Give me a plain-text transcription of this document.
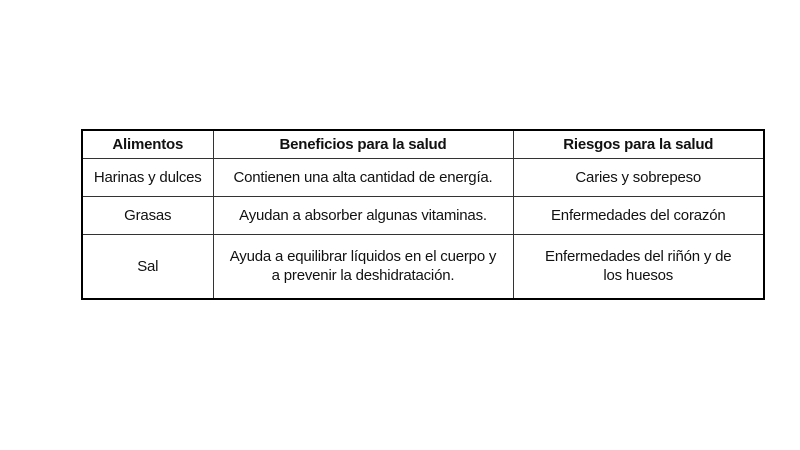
Alimentos	Beneficios para la salud	Riesgos para la salud
Harinas y dulces	Contienen una alta cantidad de energía.	Caries y sobrepeso
Grasas	Ayudan a absorber algunas vitaminas.	Enfermedades del corazón
Sal	Ayuda a equilibrar líquidos en el cuerpo y a prevenir la deshidratación.	Enfermedades del riñón y de los huesos
